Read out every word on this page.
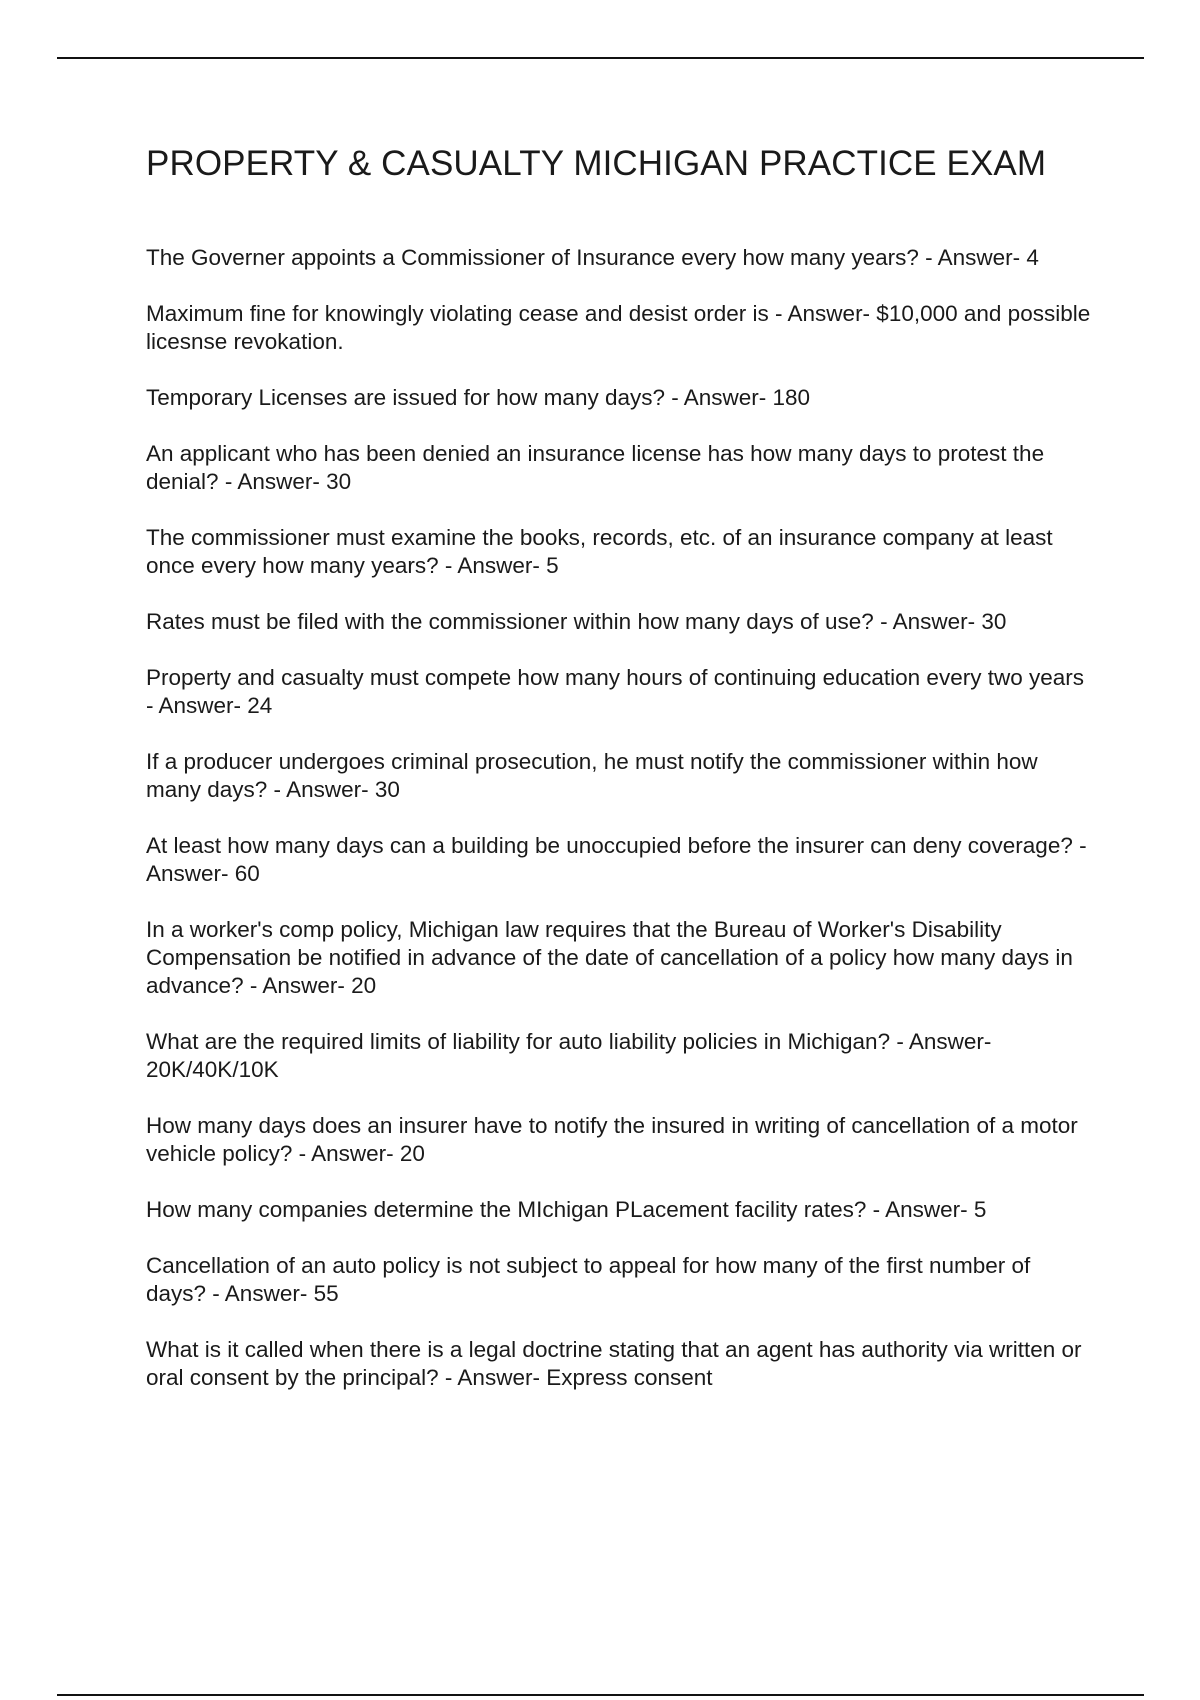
PROPERTY & CASUALTY MICHIGAN PRACTICE EXAM
The Governer appoints a Commissioner of Insurance every how many years? - Answer- 4
Maximum fine for knowingly violating cease and desist order is - Answer- $10,000 and possible licesnse revokation.
Temporary Licenses are issued for how many days? - Answer- 180
An applicant who has been denied an insurance license has how many days to protest the denial? - Answer- 30
The commissioner must examine the books, records, etc. of an insurance company at least once every how many years? - Answer- 5
Rates must be filed with the commissioner within how many days of use? - Answer- 30
Property and casualty must compete how many hours of continuing education every two years - Answer- 24
If a producer undergoes criminal prosecution, he must notify the commissioner within how many days? - Answer- 30
At least how many days can a building be unoccupied before the insurer can deny coverage? - Answer- 60
In a worker's comp policy, Michigan law requires that the Bureau of Worker's Disability Compensation be notified in advance of the date of cancellation of a policy how many days in advance? - Answer- 20
What are the required limits of liability for auto liability policies in Michigan? - Answer- 20K/40K/10K
How many days does an insurer have to notify the insured in writing of cancellation of a motor vehicle policy? - Answer- 20
How many companies determine the MIchigan PLacement facility rates? - Answer- 5
Cancellation of an auto policy is not subject to appeal for how many of the first number of days? - Answer- 55
What is it called when there is a legal doctrine stating that an agent has authority via written or oral consent by the principal? - Answer- Express consent
